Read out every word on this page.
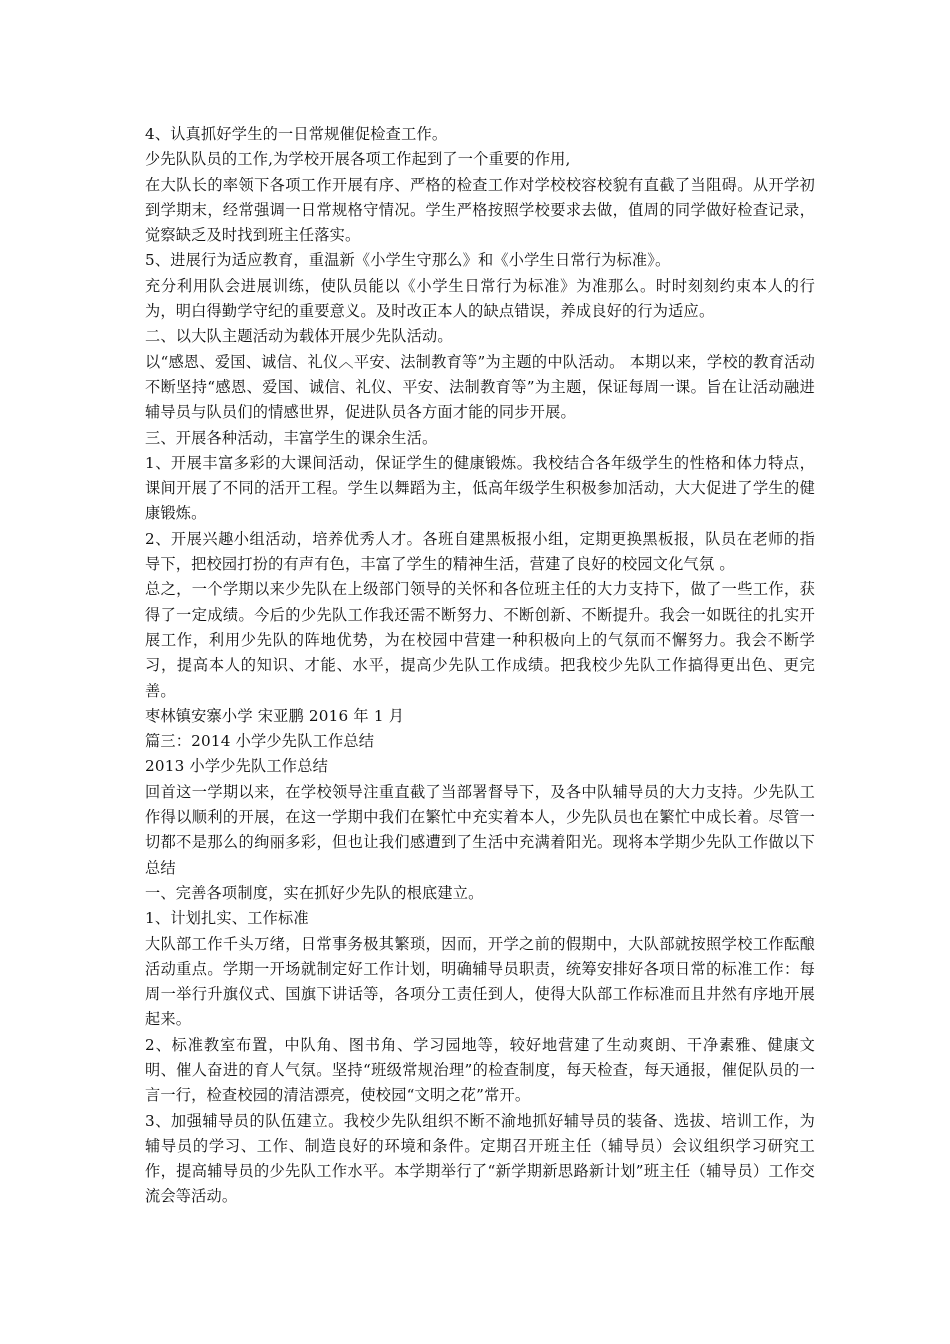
4、认真抓好学生的一日常规催促检查工作。

少先队队员的工作,为学校开展各项工作起到了一个重要的作用,

在大队长的率领下各项工作开展有序、严格的检查工作对学校校容校貌有直截了当阻碍。从开学初到学期末，经常强调一日常规格守情况。学生严格按照学校要求去做，值周的同学做好检查记录，觉察缺乏及时找到班主任落实。

5、进展行为适应教育，重温新《小学生守那么》和《小学生日常行为标准》。

充分利用队会进展训练，使队员能以《小学生日常行为标准》为准那么。时时刻刻约束本人的行为，明白得勤学守纪的重要意义。及时改正本人的缺点错误，养成良好的行为适应。

二、以大队主题活动为载体开展少先队活动。

以“感恩、爱国、诚信、礼仪︿平安、法制教育等”为主题的中队活动。 本期以来，学校的教育活动不断坚持“感恩、爱国、诚信、礼仪、平安、法制教育等”为主题，保证每周一课。旨在让活动融进辅导员与队员们的情感世界，促进队员各方面才能的同步开展。

三、开展各种活动，丰富学生的课余生活。

1、开展丰富多彩的大课间活动，保证学生的健康锻炼。我校结合各年级学生的性格和体力特点，课间开展了不同的活开工程。学生以舞蹈为主，低高年级学生积极参加活动，大大促进了学生的健康锻炼。

2、开展兴趣小组活动，培养优秀人才。各班自建黑板报小组，定期更换黑板报，队员在老师的指导下，把校园打扮的有声有色，丰富了学生的精神生活，营建了良好的校园文化气氛 。

总之，一个学期以来少先队在上级部门领导的关怀和各位班主任的大力支持下，做了一些工作，获得了一定成绩。今后的少先队工作我还需不断努力、不断创新、不断提升。我会一如既往的扎实开展工作，利用少先队的阵地优势，为在校园中营建一种积极向上的气氛而不懈努力。我会不断学习，提高本人的知识、才能、水平，提高少先队工作成绩。把我校少先队工作搞得更出色、更完善。

枣林镇安寨小学 宋亚鹏 2016 年 1 月

篇三：2014 小学少先队工作总结

2013 小学少先队工作总结

回首这一学期以来，在学校领导注重直截了当部署督导下，及各中队辅导员的大力支持。少先队工作得以顺利的开展，在这一学期中我们在繁忙中充实着本人，少先队员也在繁忙中成长着。尽管一切都不是那么的绚丽多彩，但也让我们感遭到了生活中充满着阳光。现将本学期少先队工作做以下总结

一、完善各项制度，实在抓好少先队的根底建立。

1、计划扎实、工作标准

大队部工作千头万绪，日常事务极其繁琐，因而，开学之前的假期中，大队部就按照学校工作酝酿活动重点。学期一开场就制定好工作计划，明确辅导员职责，统筹安排好各项日常的标准工作：每周一举行升旗仪式、国旗下讲话等，各项分工责任到人，使得大队部工作标准而且井然有序地开展起来。

2、标准教室布置，中队角、图书角、学习园地等，较好地营建了生动爽朗、干净素雅、健康文明、催人奋进的育人气氛。坚持“班级常规治理”的检查制度，每天检查，每天通报，催促队员的一言一行，检查校园的清洁漂亮，使校园“文明之花”常开。

3、加强辅导员的队伍建立。我校少先队组织不断不渝地抓好辅导员的装备、选拔、培训工作，为辅导员的学习、工作、制造良好的环境和条件。定期召开班主任（辅导员）会议组织学习研究工作，提高辅导员的少先队工作水平。本学期举行了“新学期新思路新计划”班主任（辅导员）工作交流会等活动。
